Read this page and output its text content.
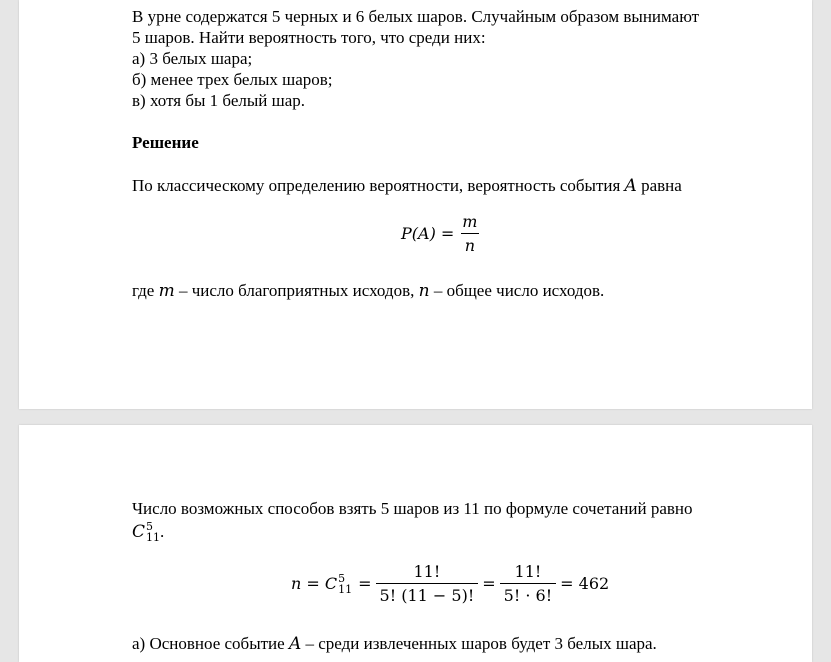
В урне содержатся 5 черных и 6 белых шаров. Случайным образом вынимают
5 шаров. Найти вероятность того, что среди них:
а) 3 белых шара;
б) менее трех белых шаров;
в) хотя бы 1 белый шар.
Решение
По классическому определению вероятности, вероятность события A равна
$P(A) = \frac{m}{n}$
где m – число благоприятных исходов, n – общее число исходов.
Число возможных способов взять 5 шаров из 11 по формуле сочетаний равно
C 5
11 .
n = C 5
$11 = \frac{11!}{5! (11 - 5)!} = \frac{11!}{5! \cdot 6!} = 462$
а) Основное событие A – среди извлеченных шаров будет 3 белых шара.
